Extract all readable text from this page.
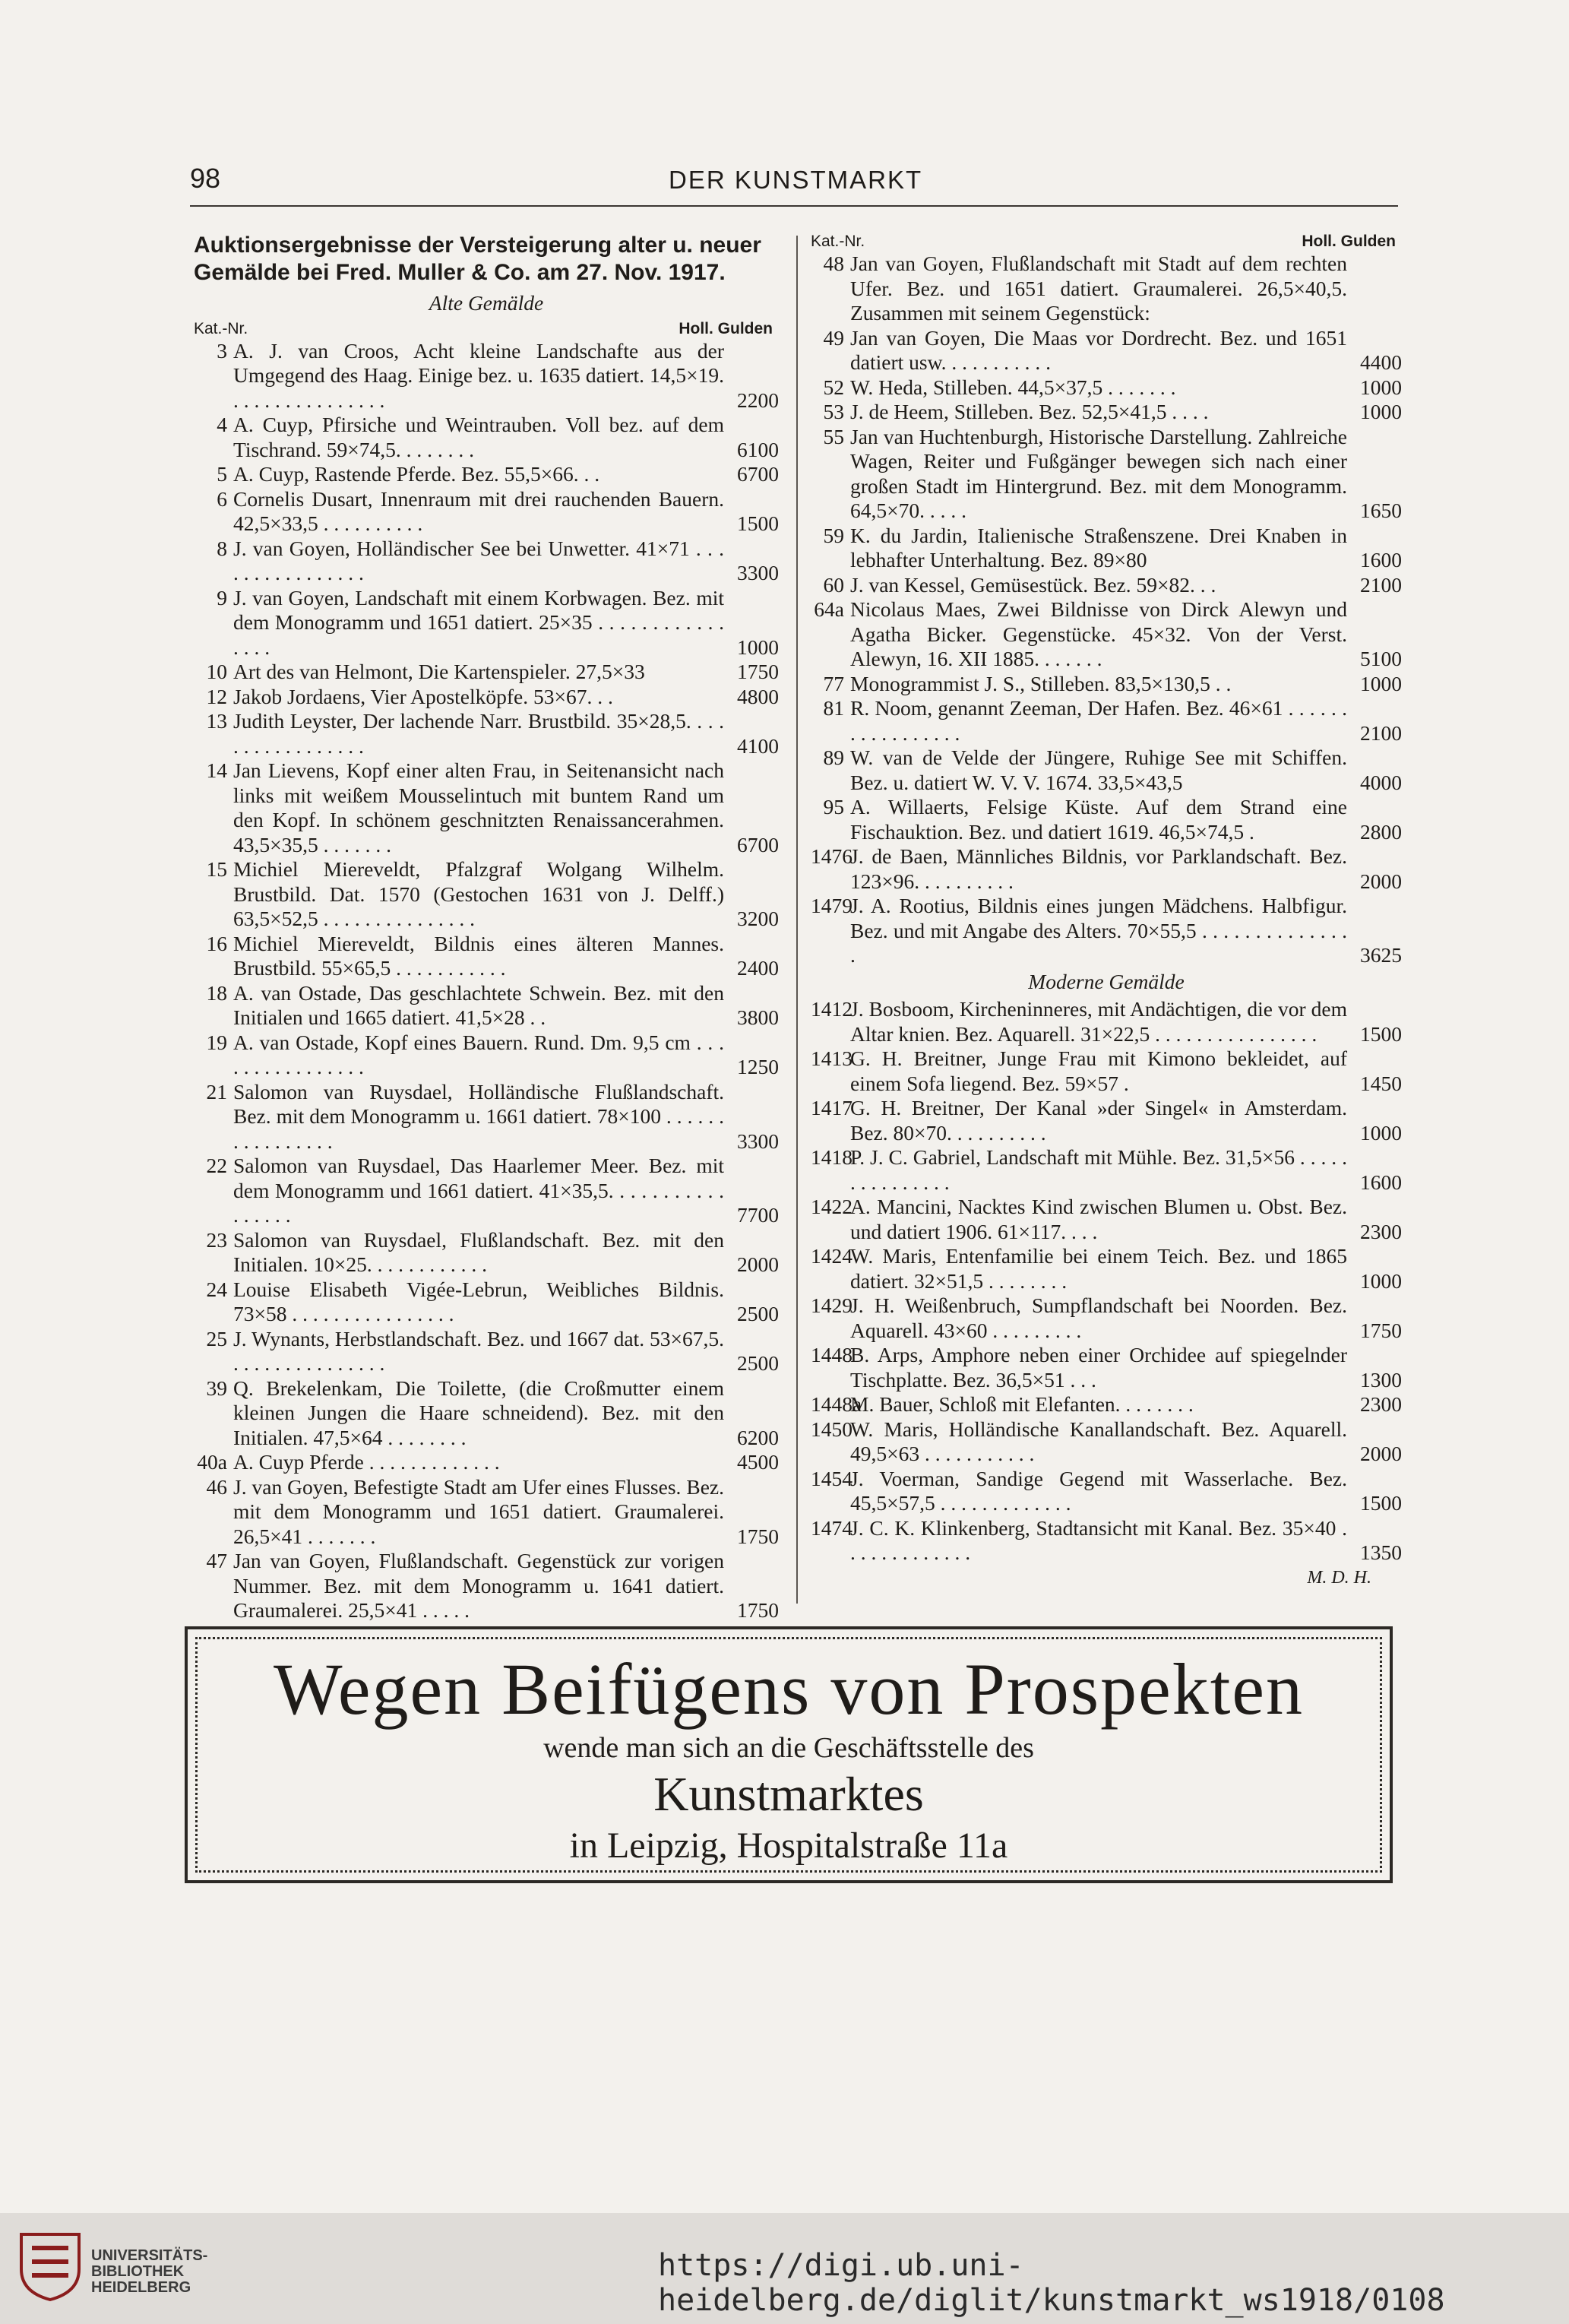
98	DER KUNSTMARKT
Auktionsergebnisse der Versteigerung alter u. neuer Gemälde bei Fred. Muller & Co. am 27. Nov. 1917.
Alte Gemälde
Kat.-Nr.	Holl. Gulden
3 A. J. van Croos, Acht kleine Landschafte aus der Umgegend des Haag. Einige bez. u. 1635 datiert. 14,5×19. . . . . . . . . . . . . . . .	2200
4 A. Cuyp, Pfirsiche und Weintrauben. Voll bez. auf dem Tischrand. 59×74,5. . . . . . . .	6100
5 A. Cuyp, Rastende Pferde. Bez. 55,5×66. . .	6700
6 Cornelis Dusart, Innenraum mit drei rauchenden Bauern. 42,5×33,5 . . . . . . . . . .	1500
8 J. van Goyen, Holländischer See bei Unwetter. 41×71 . . . . . . . . . . . . . . . .	3300
9 J. van Goyen, Landschaft mit einem Korbwagen. Bez. mit dem Monogramm und 1651 datiert. 25×35 . . . . . . . . . . . . . . . .	1000
10 Art des van Helmont, Die Kartenspieler. 27,5×33	1750
12 Jakob Jordaens, Vier Apostelköpfe. 53×67. . .	4800
13 Judith Leyster, Der lachende Narr. Brustbild. 35×28,5. . . . . . . . . . . . . . . . .	4100
14 Jan Lievens, Kopf einer alten Frau, in Seitenansicht nach links mit weißem Mousselintuch mit buntem Rand um den Kopf. In schönem geschnitzten Renaissancerahmen. 43,5×35,5 . . . . . . .	6700
15 Michiel Miereveldt, Pfalzgraf Wolgang Wilhelm. Brustbild. Dat. 1570 (Gestochen 1631 von J. Delff.) 63,5×52,5 . . . . . . . . . . . . . . .	3200
16 Michiel Miereveldt, Bildnis eines älteren Mannes. Brustbild. 55×65,5 . . . . . . . . . . .	2400
18 A. van Ostade, Das geschlachtete Schwein. Bez. mit den Initialen und 1665 datiert. 41,5×28 . .	3800
19 A. van Ostade, Kopf eines Bauern. Rund. Dm. 9,5 cm . . . . . . . . . . . . . . . .	1250
21 Salomon van Ruysdael, Holländische Flußlandschaft. Bez. mit dem Monogramm u. 1661 datiert. 78×100 . . . . . . . . . . . . . . . .	3300
22 Salomon van Ruysdael, Das Haarlemer Meer. Bez. mit dem Monogramm und 1661 datiert. 41×35,5. . . . . . . . . . . . . . . . .	7700
23 Salomon van Ruysdael, Flußlandschaft. Bez. mit den Initialen. 10×25. . . . . . . . . . . .	2000
24 Louise Elisabeth Vigée-Lebrun, Weibliches Bildnis. 73×58 . . . . . . . . . . . . . . . .	2500
25 J. Wynants, Herbstlandschaft. Bez. und 1667 dat. 53×67,5. . . . . . . . . . . . . . . .	2500
39 Q. Brekelenkam, Die Toilette, (die Croßmutter einem kleinen Jungen die Haare schneidend). Bez. mit den Initialen. 47,5×64 . . . . . . . .	6200
40a A. Cuyp Pferde . . . . . . . . . . . . .	4500
46 J. van Goyen, Befestigte Stadt am Ufer eines Flusses. Bez. mit dem Monogramm und 1651 datiert. Graumalerei. 26,5×41 . . . . . . .	1750
47 Jan van Goyen, Flußlandschaft. Gegenstück zur vorigen Nummer. Bez. mit dem Monogramm u. 1641 datiert. Graumalerei. 25,5×41 . . . . .	1750
Kat.-Nr.	Holl. Gulden
48 Jan van Goyen, Flußlandschaft mit Stadt auf dem rechten Ufer. Bez. und 1651 datiert. Graumalerei. 26,5×40,5. Zusammen mit seinem Gegenstück:
49 Jan van Goyen, Die Maas vor Dordrecht. Bez. und 1651 datiert usw. . . . . . . . . . .	4400
52 W. Heda, Stilleben. 44,5×37,5 . . . . . . .	1000
53 J. de Heem, Stilleben. Bez. 52,5×41,5 . . . .	1000
55 Jan van Huchtenburgh, Historische Darstellung. Zahlreiche Wagen, Reiter und Fußgänger bewegen sich nach einer großen Stadt im Hintergrund. Bez. mit dem Monogramm. 64,5×70. . . . .	1650
59 K. du Jardin, Italienische Straßenszene. Drei Knaben in lebhafter Unterhaltung. Bez. 89×80	1600
60 J. van Kessel, Gemüsestück. Bez. 59×82. . .	2100
64a Nicolaus Maes, Zwei Bildnisse von Dirck Alewyn und Agatha Bicker. Gegenstücke. 45×32. Von der Verst. Alewyn, 16. XII 1885. . . . . . .	5100
77 Monogrammist J. S., Stilleben. 83,5×130,5 . .	1000
81 R. Noom, genannt Zeeman, Der Hafen. Bez. 46×61 . . . . . . . . . . . . . . . . .	2100
89 W. van de Velde der Jüngere, Ruhige See mit Schiffen. Bez. u. datiert W. V. V. 1674. 33,5×43,5	4000
95 A. Willaerts, Felsige Küste. Auf dem Strand eine Fischauktion. Bez. und datiert 1619. 46,5×74,5 .	2800
1476
J. de Baen, Männliches Bildnis, vor Parklandschaft. Bez. 123×96. . . . . . . . . .	2000
1479
J. A. Rootius, Bildnis eines jungen Mädchens. Halbfigur. Bez. und mit Angabe des Alters. 70×55,5 . . . . . . . . . . . . . . .	3625
Moderne Gemälde
1412
J. Bosboom, Kircheninneres, mit Andächtigen, die vor dem Altar knien. Bez. Aquarell. 31×22,5 . . . . . . . . . . . . . . . .	1500
1413
G. H. Breitner, Junge Frau mit Kimono bekleidet, auf einem Sofa liegend. Bez. 59×57 .	1450
1417
G. H. Breitner, Der Kanal »der Singel« in Amsterdam. Bez. 80×70. . . . . . . . . .	1000
1418
P. J. C. Gabriel, Landschaft mit Mühle. Bez. 31,5×56 . . . . . . . . . . . . . . .	1600
1422
A. Mancini, Nacktes Kind zwischen Blumen u. Obst. Bez. und datiert 1906. 61×117. . . .	2300
1424
W. Maris, Entenfamilie bei einem Teich. Bez. und 1865 datiert. 32×51,5 . . . . . . . .	1000
1429
J. H. Weißenbruch, Sumpflandschaft bei Noorden. Bez. Aquarell. 43×60 . . . . . . . . .	1750
1448
B. Arps, Amphore neben einer Orchidee auf spiegelnder Tischplatte. Bez. 36,5×51 . . .	1300
1448a
M. Bauer, Schloß mit Elefanten. . . . . . . .	2300
1450
W. Maris, Holländische Kanallandschaft. Bez. Aquarell. 49,5×63 . . . . . . . . . . .	2000
1454
J. Voerman, Sandige Gegend mit Wasserlache. Bez. 45,5×57,5 . . . . . . . . . . . . .	1500
1474
J. C. K. Klinkenberg, Stadtansicht mit Kanal. Bez. 35×40 . . . . . . . . . . . . .	1350
M. D. H.
Wegen Beifügens von Prospekten
wende man sich an die Geschäftsstelle des
Kunstmarktes
in Leipzig, Hospitalstraße 11a
UNIVERSITÄTS-
BIBLIOTHEK
HEIDELBERG
https://digi.ub.uni-heidelberg.de/diglit/kunstmarkt_ws1918/0108
